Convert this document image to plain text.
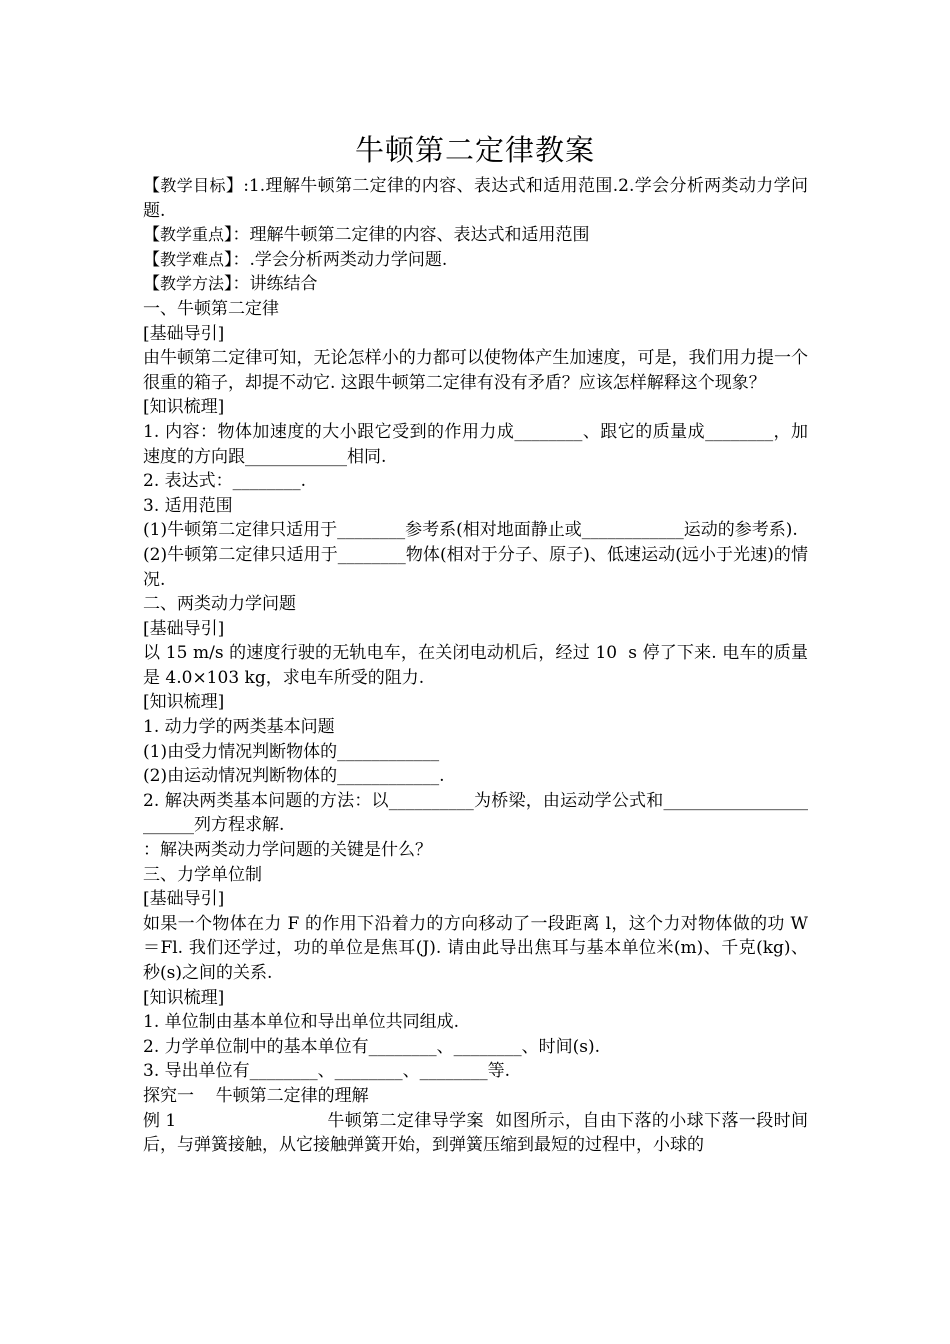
牛顿第二定律教案

【教学目标】:1.理解牛顿第二定律的内容、表达式和适用范围.2.学会分析两类动力学问题.

【教学重点】：理解牛顿第二定律的内容、表达式和适用范围

【教学难点】：.学会分析两类动力学问题.

【教学方法】：讲练结合

一、牛顿第二定律

[基础导引]

由牛顿第二定律可知，无论怎样小的力都可以使物体产生加速度，可是，我们用力提一个很重的箱子，却提不动它. 这跟牛顿第二定律有没有矛盾？应该怎样解释这个现象？

[知识梳理]

1. 内容：物体加速度的大小跟它受到的作用力成________、跟它的质量成________，加速度的方向跟____________相同.

2. 表达式：________.

3. 适用范围

(1)牛顿第二定律只适用于________参考系(相对地面静止或____________运动的参考系).

(2)牛顿第二定律只适用于________物体(相对于分子、原子)、低速运动(远小于光速)的情况.

二、两类动力学问题

[基础导引]

以 15 m/s 的速度行驶的无轨电车，在关闭电动机后，经过 10  s 停了下来. 电车的质量是 4.0×103 kg，求电车所受的阻力.

[知识梳理]

1. 动力学的两类基本问题

(1)由受力情况判断物体的____________

(2)由运动情况判断物体的____________.

2. 解决两类基本问题的方法：以__________为桥梁，由运动学公式和_______________________列方程求解.

：解决两类动力学问题的关键是什么？

三、力学单位制

[基础导引]

如果一个物体在力 F 的作用下沿着力的方向移动了一段距离 l，这个力对物体做的功 W＝Fl. 我们还学过，功的单位是焦耳(J). 请由此导出焦耳与基本单位米(m)、千克(kg)、秒(s)之间的关系.

[知识梳理]

1. 单位制由基本单位和导出单位共同组成.

2. 力学单位制中的基本单位有________、________、时间(s).

3. 导出单位有________、________、________等.

探究一    牛顿第二定律的理解

例 1	牛顿第二定律导学案  如图所示，自由下落的小球下落一段时间后，与弹簧接触，从它接触弹簧开始，到弹簧压缩到最短的过程中，小球的
